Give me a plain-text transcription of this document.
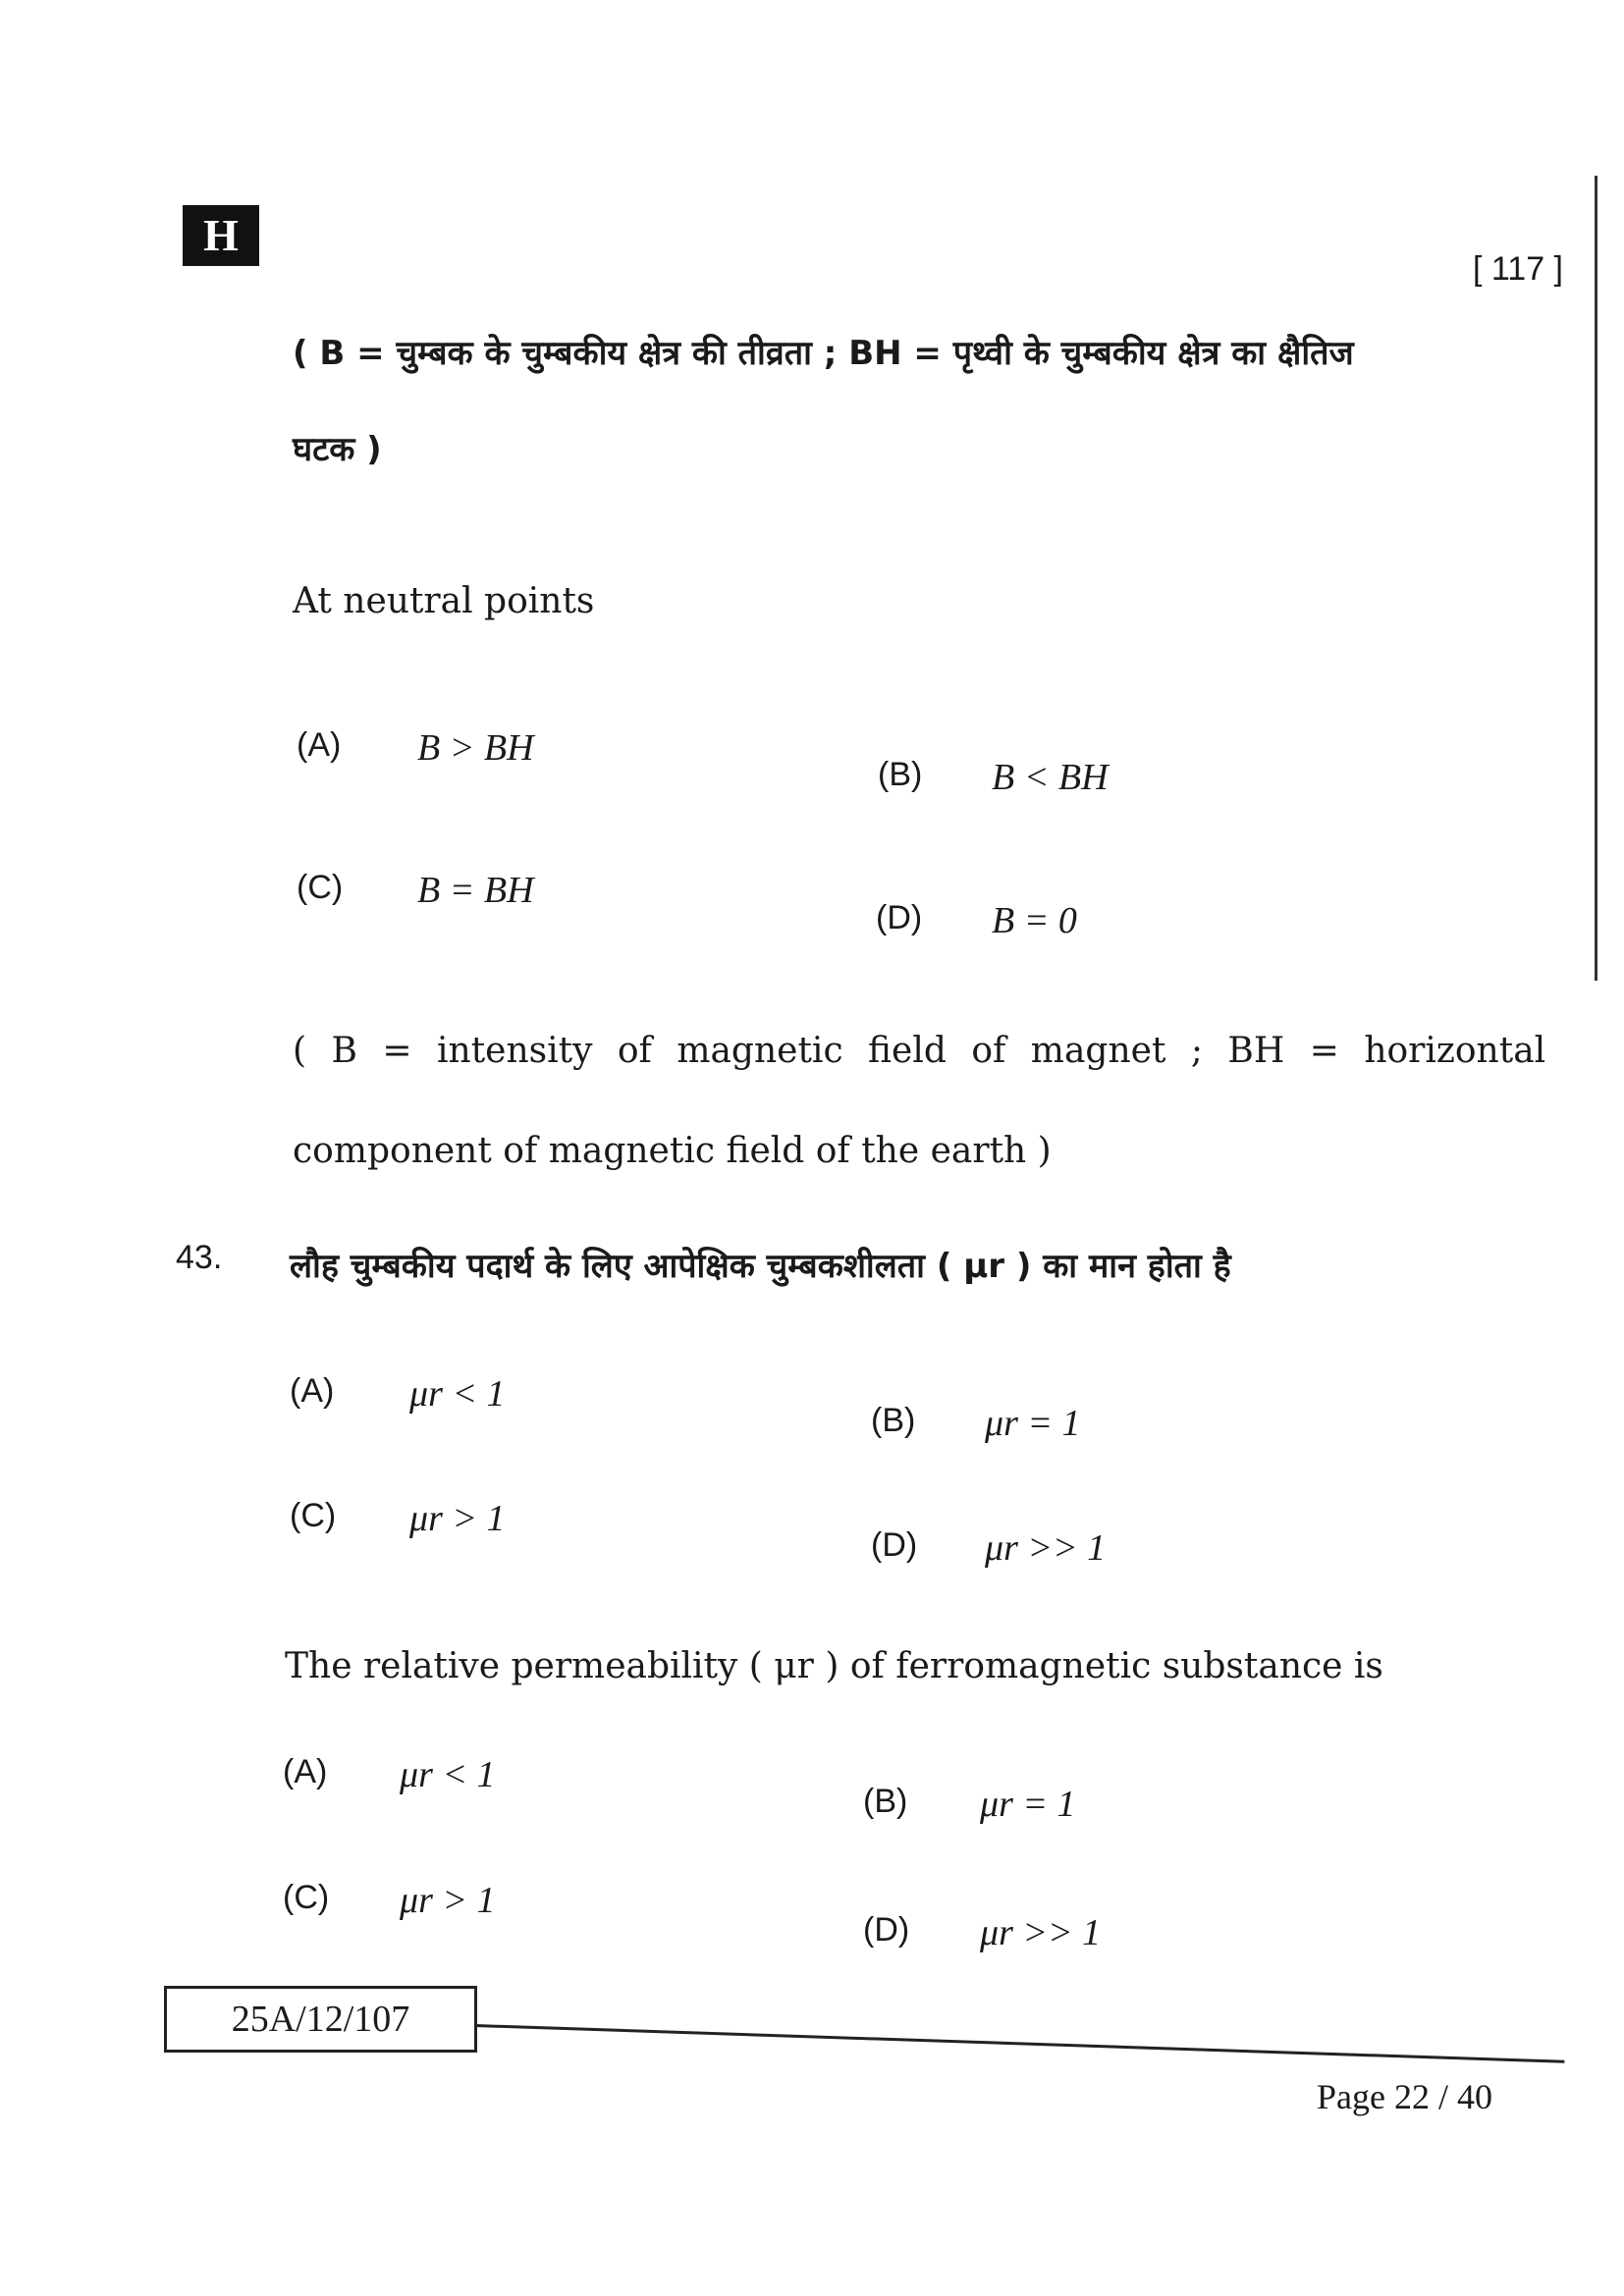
H
[ 117 ]
( B = चुम्बक के चुम्बकीय क्षेत्र की तीव्रता ; BH = पृथ्वी के चुम्बकीय क्षेत्र का क्षैतिज
घटक )
At neutral points
(A) B > BH
(B) B < BH
(C) B = BH
(D) B = 0
( B = intensity of magnetic field of magnet ; BH = horizontal
component of magnetic field of the earth )
43. लौह चुम्बकीय पदार्थ के लिए आपेक्षिक चुम्बकशीलता ( μr ) का मान होता है
(A) μr < 1
(B) μr = 1
(C) μr > 1
(D) μr >> 1
The relative permeability ( μr ) of ferromagnetic substance is
(A) μr < 1
(B) μr = 1
(C) μr > 1
(D) μr >> 1
25A/12/107
Page 22 / 40
